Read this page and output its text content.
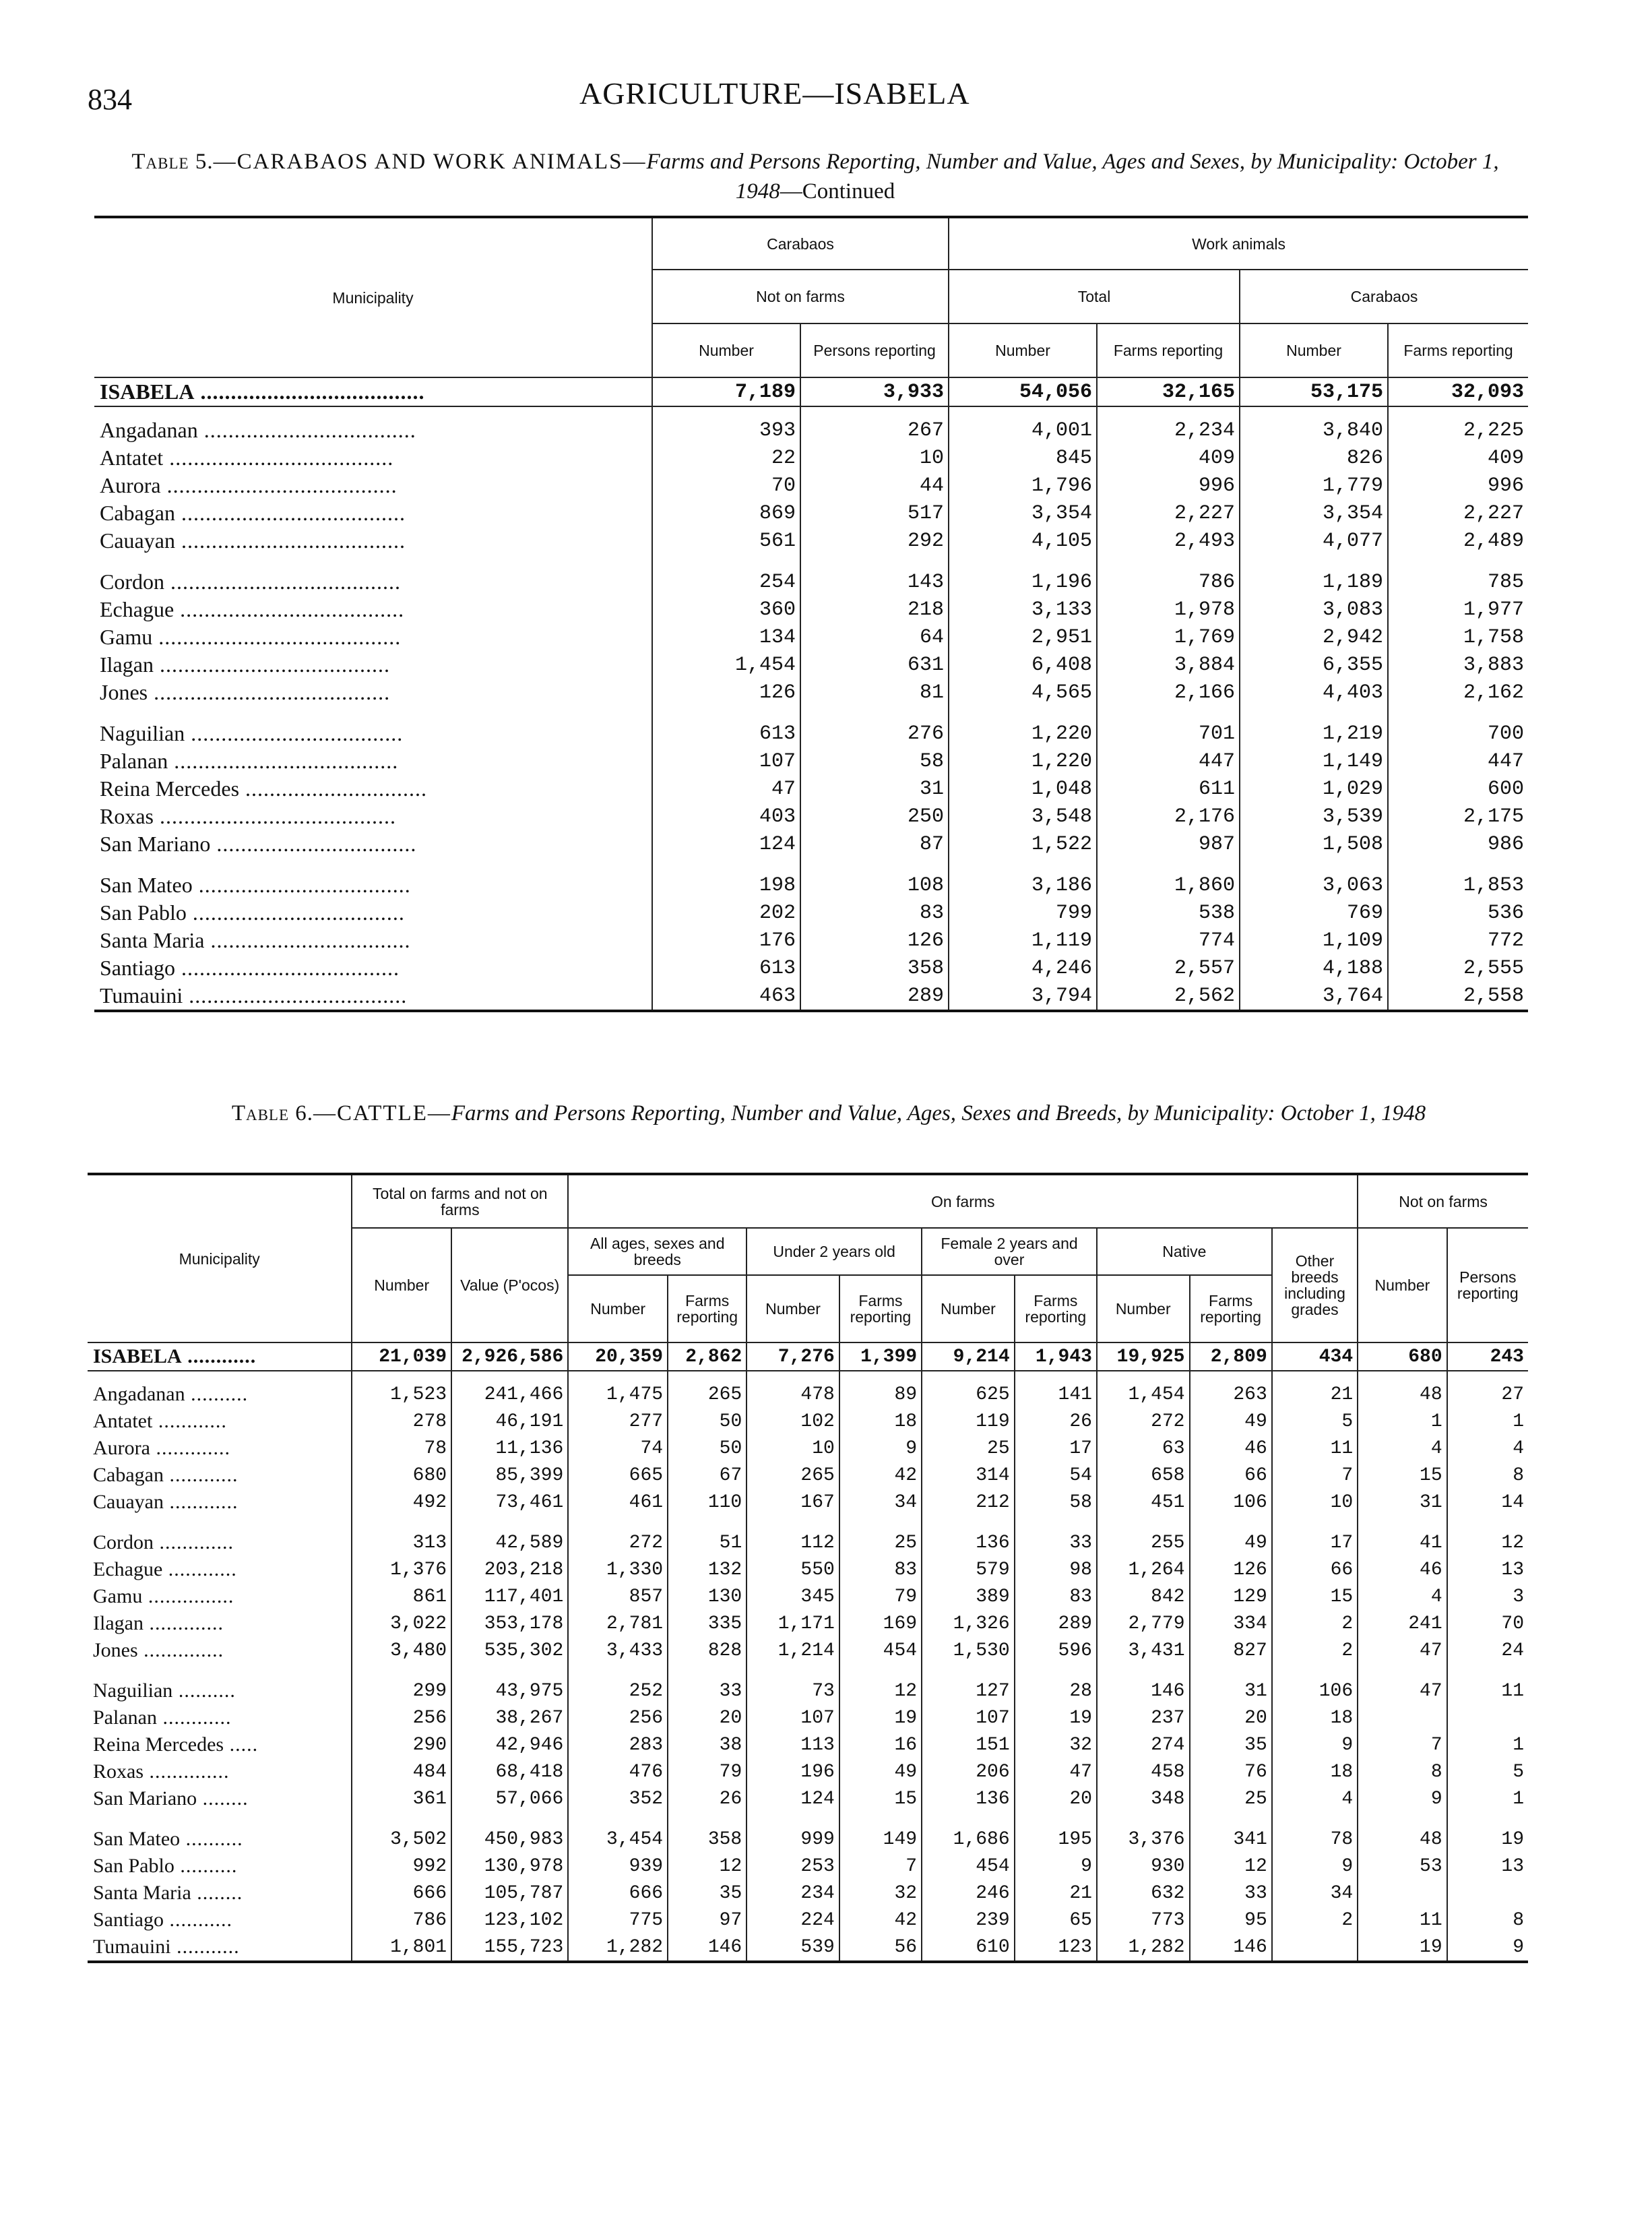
834	AGRICULTURE—ISABELA
Table 5.—CARABAOS AND WORK ANIMALS—Farms and Persons Reporting, Number and Value, Ages and Sexes, by Municipality: October 1, 1948—Continued
Municipality	Carabaos		Work animals			
	Not on farms		Total		Carabaos	
	Number	Persons reporting	Number	Farms reporting	Number	Farms reporting
ISABELA .....................................	7,189	3,933	54,056	32,165	53,175	32,093
Angadanan ...................................	393	267	4,001	2,234	3,840	2,225
Antatet .....................................	22	10	845	409	826	409
Aurora ......................................	70	44	1,796	996	1,779	996
Cabagan .....................................	869	517	3,354	2,227	3,354	2,227
Cauayan .....................................	561	292	4,105	2,493	4,077	2,489
Cordon ......................................	254	143	1,196	786	1,189	785
Echague .....................................	360	218	3,133	1,978	3,083	1,977
Gamu ........................................	134	64	2,951	1,769	2,942	1,758
Ilagan ......................................	1,454	631	6,408	3,884	6,355	3,883
Jones .......................................	126	81	4,565	2,166	4,403	2,162
Naguilian ...................................	613	276	1,220	701	1,219	700
Palanan .....................................	107	58	1,220	447	1,149	447
Reina Mercedes ..............................	47	31	1,048	611	1,029	600
Roxas .......................................	403	250	3,548	2,176	3,539	2,175
San Mariano .................................	124	87	1,522	987	1,508	986
San Mateo ...................................	198	108	3,186	1,860	3,063	1,853
San Pablo ...................................	202	83	799	538	769	536
Santa Maria .................................	176	126	1,119	774	1,109	772
Santiago ....................................	613	358	4,246	2,557	4,188	2,555
Tumauini ....................................	463	289	3,794	2,562	3,764	2,558
Table 6.—CATTLE—Farms and Persons Reporting, Number and Value, Ages, Sexes and Breeds, by Municipality: October 1, 1948
Municipality	Total on farms and not on farms		On farms									Not on farms	
	Number	Value (P'ocos)	All ages, sexes and breeds		Under 2 years old		Female 2 years and over		Native		Other breeds including grades	Number	Persons reporting
			Number	Farms reporting	Number	Farms reporting	Number	Farms reporting	Number	Farms reporting			
ISABELA ............	21,039	2,926,586	20,359	2,862	7,276	1,399	9,214	1,943	19,925	2,809	434	680	243
Angadanan ..........	1,523	241,466	1,475	265	478	89	625	141	1,454	263	21	48	27
Antatet ............	278	46,191	277	50	102	18	119	26	272	49	5	1	1
Aurora .............	78	11,136	74	50	10	9	25	17	63	46	11	4	4
Cabagan ............	680	85,399	665	67	265	42	314	54	658	66	7	15	8
Cauayan ............	492	73,461	461	110	167	34	212	58	451	106	10	31	14
Cordon .............	313	42,589	272	51	112	25	136	33	255	49	17	41	12
Echague ............	1,376	203,218	1,330	132	550	83	579	98	1,264	126	66	46	13
Gamu ...............	861	117,401	857	130	345	79	389	83	842	129	15	4	3
Ilagan .............	3,022	353,178	2,781	335	1,171	169	1,326	289	2,779	334	2	241	70
Jones ..............	3,480	535,302	3,433	828	1,214	454	1,530	596	3,431	827	2	47	24
Naguilian ..........	299	43,975	252	33	73	12	127	28	146	31	106	47	11
Palanan ............	256	38,267	256	20	107	19	107	19	237	20	18		
Reina Mercedes .....	290	42,946	283	38	113	16	151	32	274	35	9	7	1
Roxas ..............	484	68,418	476	79	196	49	206	47	458	76	18	8	5
San Mariano ........	361	57,066	352	26	124	15	136	20	348	25	4	9	1
San Mateo ..........	3,502	450,983	3,454	358	999	149	1,686	195	3,376	341	78	48	19
San Pablo ..........	992	130,978	939	12	253	7	454	9	930	12	9	53	13
Santa Maria ........	666	105,787	666	35	234	32	246	21	632	33	34		
Santiago ...........	786	123,102	775	97	224	42	239	65	773	95	2	11	8
Tumauini ...........	1,801	155,723	1,282	146	539	56	610	123	1,282	146		19	9
